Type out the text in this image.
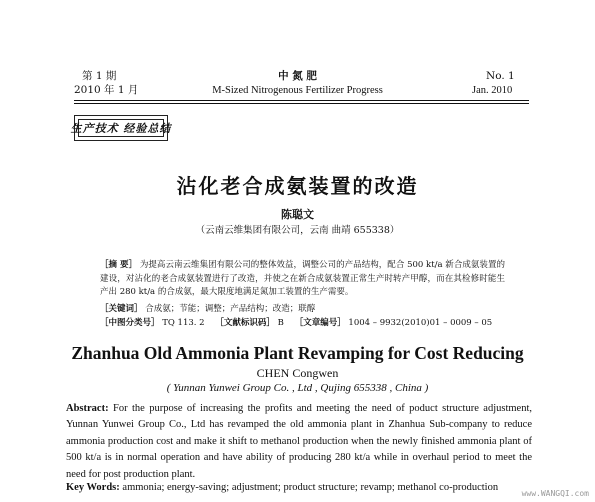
第 1 期	中 氮 肥	No. 1
2010 年 1 月	M-Sized Nitrogenous Fertilizer Progress	Jan. 2010
生产技术 经验总结
沾化老合成氨装置的改造
陈聪文
（云南云维集团有限公司，云南 曲靖 655338）
［摘 要］ 为提高云南云维集团有限公司的整体效益，调整公司的产品结构，配合 500 kt/a 新合成氨装置的建设，对沾化的老合成氨装置进行了改造，并使之在新合成氨装置正常生产时转产甲醇，而在其检修时能生产出 280 kt/a 的合成氨，最大限度地满足氮加工装置的生产需要。
［关键词］ 合成氨；节能；调整；产品结构；改造；联醇
［中图分类号］ TQ 113. 2 ［文献标识码］ B ［文章编号］ 1004 – 9932(2010)01 – 0009 – 05
Zhanhua Old Ammonia Plant Revamping for Cost Reducing
CHEN Congwen
( Yunnan Yunwei Group Co. , Ltd , Qujing 655338 , China )
Abstract: For the purpose of increasing the profits and meeting the need of poduct structure adjustment, Yunnan Yunwei Group Co., Ltd has revamped the old ammonia plant in Zhanhua Sub-company to reduce ammonia production cost and make it shift to methanol production when the newly finished ammonia plant of 500 kt/a is in normal operation and have ability of producing 280 kt/a while in overhaul period to meet the need for post production plant.
Key Words: ammonia; energy-saving; adjustment; product structure; revamp; methanol co-production
www.WANGQI.com
